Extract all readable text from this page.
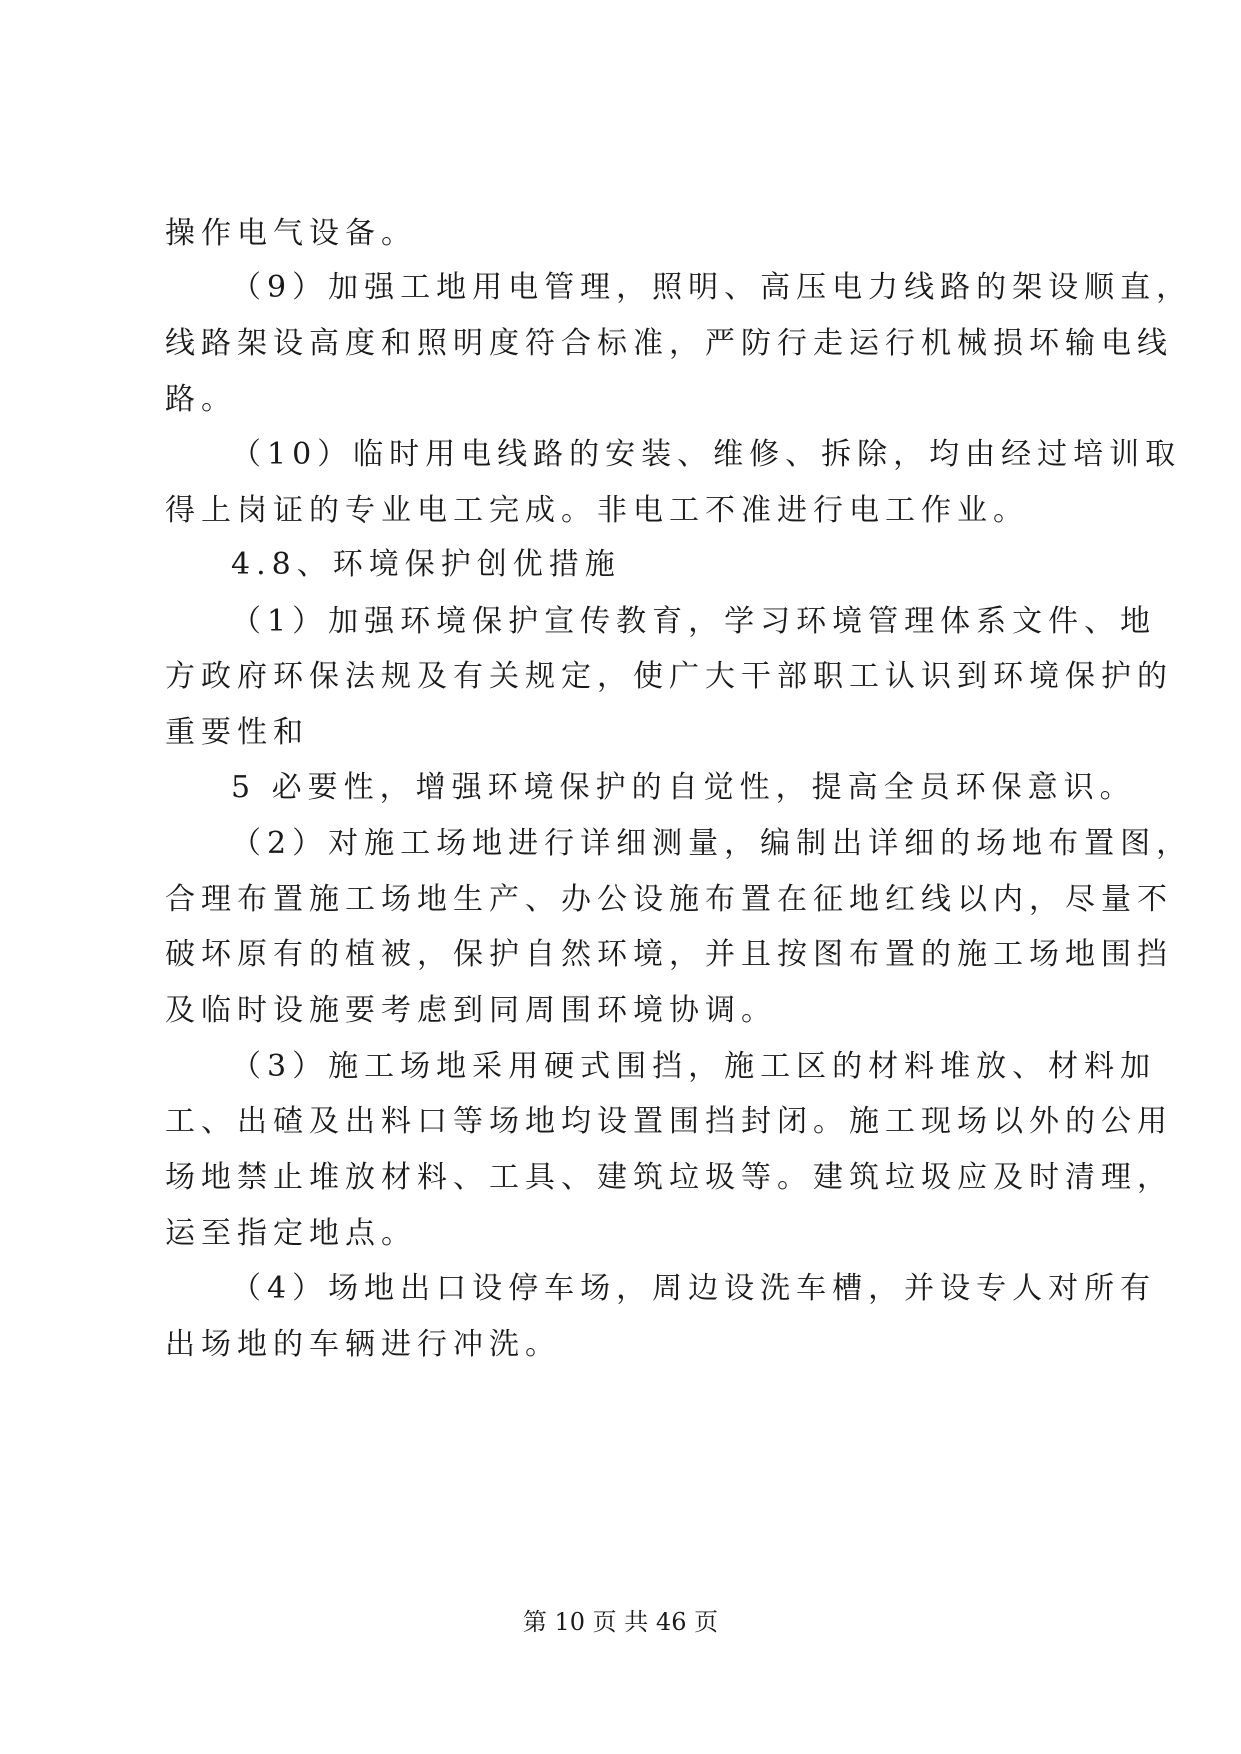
操作电气设备。
（9）加强工地用电管理，照明、高压电力线路的架设顺直，
线路架设高度和照明度符合标准，严防行走运行机械损坏输电线
路。
（10）临时用电线路的安装、维修、拆除，均由经过培训取
得上岗证的专业电工完成。非电工不准进行电工作业。
4.8、环境保护创优措施
（1）加强环境保护宣传教育，学习环境管理体系文件、地
方政府环保法规及有关规定，使广大干部职工认识到环境保护的
重要性和
5 必要性，增强环境保护的自觉性，提高全员环保意识。
（2）对施工场地进行详细测量，编制出详细的场地布置图，
合理布置施工场地生产、办公设施布置在征地红线以内，尽量不
破坏原有的植被，保护自然环境，并且按图布置的施工场地围挡
及临时设施要考虑到同周围环境协调。
（3）施工场地采用硬式围挡，施工区的材料堆放、材料加
工、出碴及出料口等场地均设置围挡封闭。施工现场以外的公用
场地禁止堆放材料、工具、建筑垃圾等。建筑垃圾应及时清理，
运至指定地点。
（4）场地出口设停车场，周边设洗车槽，并设专人对所有
出场地的车辆进行冲洗。
第 10 页 共 46 页
